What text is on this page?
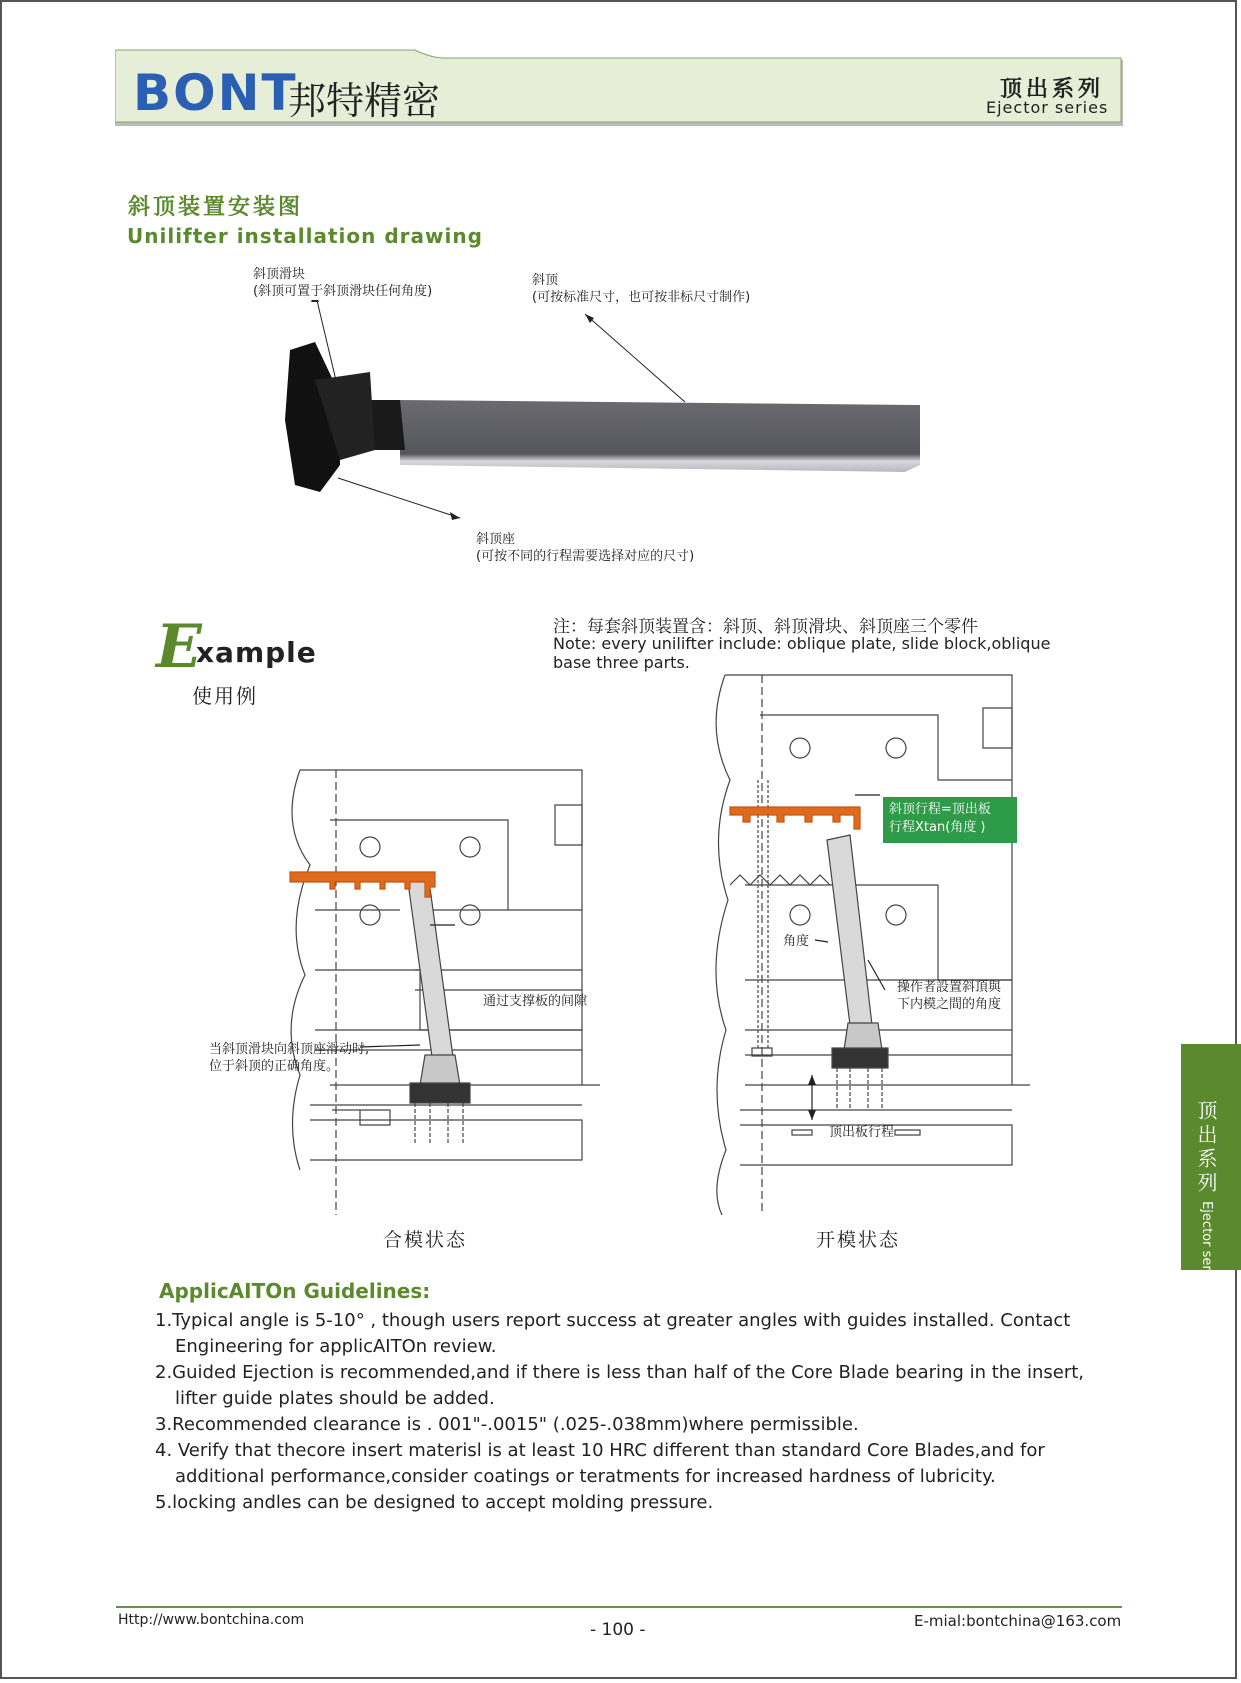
BONT
邦特精密	顶出系列
Ejector series
斜顶装置安装图
Unilifter installation drawing
斜顶滑块
(斜顶可置于斜顶滑块任何角度)
斜顶
(可按标准尺寸，也可按非标尺寸制作)
斜顶座
(可按不同的行程需要选择对应的尺寸)
E
xample
使用例
注：每套斜顶装置含：斜顶、斜顶滑块、斜顶座三个零件
Note: every unilifter include: oblique plate, slide block,oblique base three parts.
通过支撑板的间隙
当斜顶滑块向斜顶座滑动时,
位于斜顶的正确角度。
合模状态
斜顶行程=顶出板
行程Xtan(角度 )
角度
操作者設置斜頂與
下内模之間的角度
顶出板行程
开模状态
ApplicAITOn Guidelines:

1.Typical angle is 5-10° , though users report success at greater angles with guides installed. Contact Engineering for applicAITOn review.

2.Guided Ejection is recommended,and if there is less than half of the Core Blade bearing in the insert, lifter guide plates should be added.

3.Recommended clearance is . 001"-.0015" (.025-.038mm)where permissible.

4. Verify that thecore insert materisl is at least 10 HRC different than standard Core Blades,and for additional performance,consider coatings or teratments for increased hardness of lubricity.

5.locking andles can be designed to accept molding pressure.

顶出系列 Ejector series
Http://www.bontchina.com	- 100 -	E-mial:bontchina@163.com
